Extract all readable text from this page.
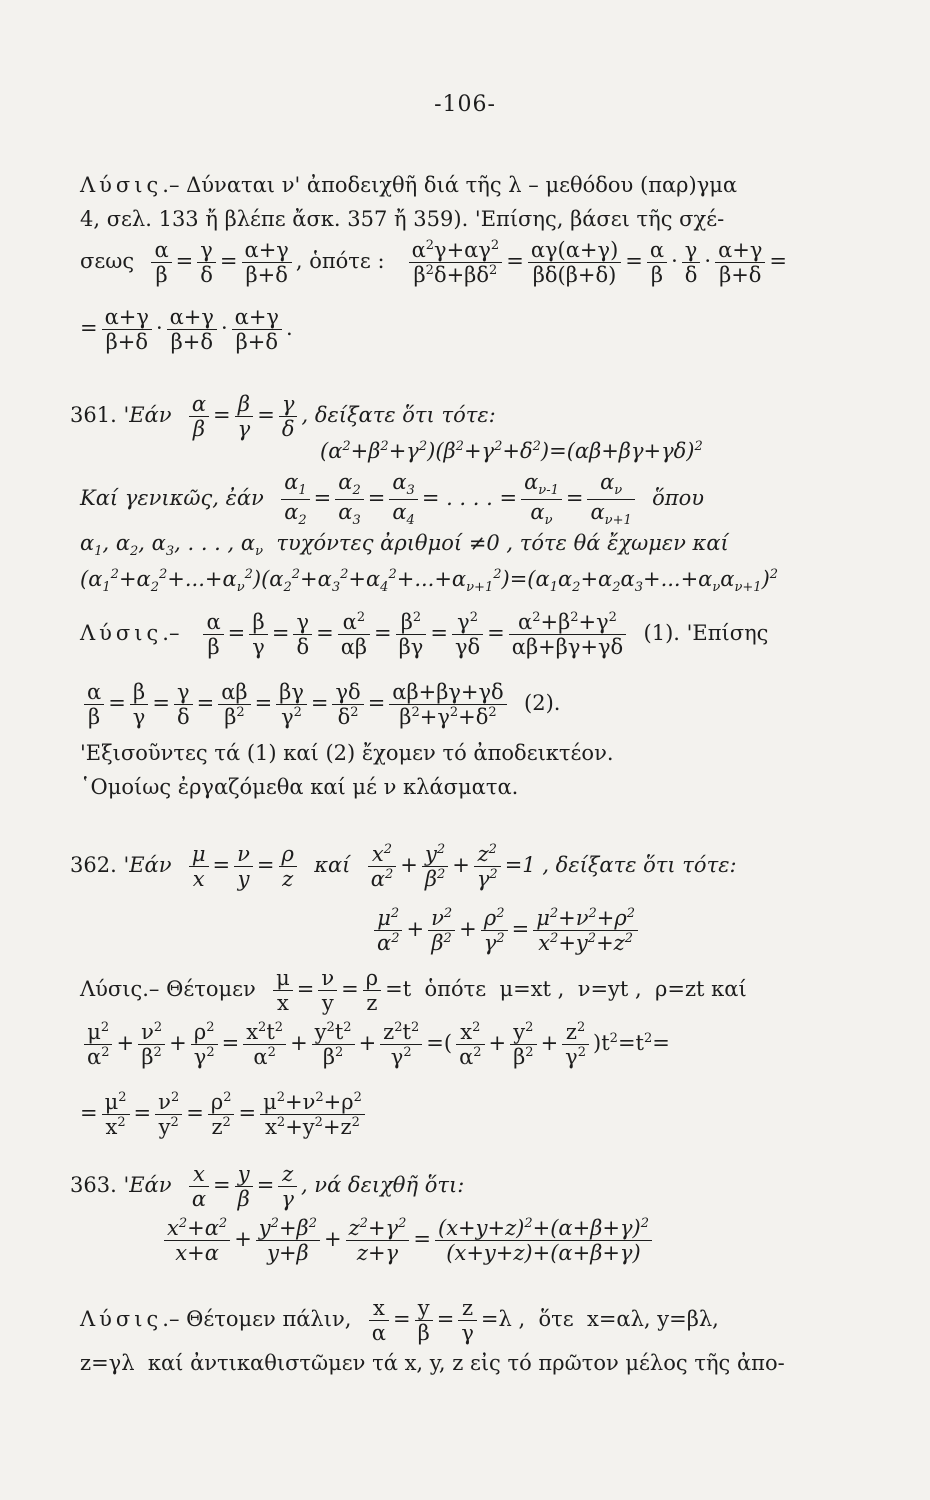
-106-
Λύσις.– Δύναται ν' ἀποδειχθῆ διά τῆς λ – μεθόδου (παρ)γμα
4, σελ. 133 ἤ βλέπε ἄσκ. 357 ἤ 359). 'Επίσης, βάσει τῆς σχέ-
σεως $\frac{\alpha}{\beta} = \frac{\gamma}{\delta} = \frac{\alpha+\gamma}{\beta+\delta}$ , ὁπότε : $\frac{\alpha^2\gamma+\alpha\gamma^2}{\beta^2\delta+\beta\delta^2} = \frac{\alpha\gamma(\alpha+\gamma)}{\beta\delta(\beta+\delta)} = \frac{\alpha}{\beta} \cdot \frac{\gamma}{\delta} \cdot \frac{\alpha+\gamma}{\beta+\delta}$ =
= $\frac{\alpha+\gamma}{\beta+\delta} \cdot \frac{\alpha+\gamma}{\beta+\delta} \cdot \frac{\alpha+\gamma}{\beta+\delta}$ .
361. '$Eά\nu \frac{\alpha}{\beta} = \frac{\beta}{\gamma} = \frac{\gamma}{\delta}$ , δείξατε ὅτι τότε:
$(\alpha^2+\beta^2+\gamma^2)(\beta^2+\gamma^2+\delta^2)=(\alpha\beta+\beta\gamma+\gamma\delta)^2$
Καί γενικῶς, ἐάν $\frac{\alpha_1}{\alpha_2} = \frac{\alpha_2}{\alpha_3} = \frac{\alpha_3}{\alpha_4}$ = . . . . = $\frac{\alpha_{\nu-1}}{\alpha_\nu} = \frac{\alpha_\nu}{\alpha_{\nu+1}}$ ὅπου
$\alpha_1$, $\alpha_2$, $\alpha_3$, . . . , $\alpha_\nu$  τυχόντες ἀριθμοί ≠0 , τότε θά ἔχωμεν καί
$(\alpha_1^2+\alpha_2^2+...+\alpha_\nu^2)(\alpha_2^2+\alpha_3^2+\alpha_4^2+...+\alpha_{\nu+1}^2)=(\alpha_1\alpha_2+\alpha_2\alpha_3+...+\alpha_\nu\alpha_{\nu+1})^2$
$\Lambda ύ\sigma\iota\varsigma.- \frac{\alpha}{\beta} = \frac{\beta}{\gamma} = \frac{\gamma}{\delta} = \frac{\alpha^2}{\alpha\beta} = \frac{\beta^2}{\beta\gamma} = \frac{\gamma^2}{\gamma\delta} = \frac{\alpha^2+\beta^2+\gamma^2}{\alpha\beta+\beta\gamma+\gamma\delta} (1)$. 'Επίσης
$\frac{\alpha}{\beta} = \frac{\beta}{\gamma} = \frac{\gamma}{\delta} = \frac{\alpha\beta}{\beta^2} = \frac{\beta\gamma}{\gamma^2} = \frac{\gamma\delta}{\delta^2} = \frac{\alpha\beta+\beta\gamma+\gamma\delta}{\beta^2+\gamma^2+\delta^2} (2)$.
'Εξισοῦντες τά (1) καί (2) ἔχομεν τό ἀποδεικτέον.
῾Ομοίως ἐργαζόμεθα καί μέ ν κλάσματα.
362. '$Eά\nu \frac{\mu}{x} = \frac{\nu}{y} = \frac{\rho}{z}$ καί $\frac{x^2}{\alpha^2} + \frac{y^2}{\beta^2} + \frac{z^2}{\gamma^2} =1$ , δείξατε ὅτι τότε:
$\frac{\mu^2}{\alpha^2} + \frac{\nu^2}{\beta^2} + \frac{\rho^2}{\gamma^2} = \frac{\mu^2+\nu^2+\rho^2}{x^2+y^2+z^2}$
Λύσις.– Θέτομεν $\frac{\mu}{x} = \frac{\nu}{y} = \frac{\rho}{z} =t$  ὁπότε  μ=xt ,  ν=yt ,  ρ=zt καί
$\frac{\mu^2}{\alpha^2} + \frac{\nu^2}{\beta^2} + \frac{\rho^2}{\gamma^2} = \frac{x^2t^2}{\alpha^2} + \frac{y^2t^2}{\beta^2} + \frac{z^2t^2}{\gamma^2}$ =( $\frac{x^2}{\alpha^2} + \frac{y^2}{\beta^2} + \frac{z^2}{\gamma^2} )t^2=t^2=$
= $\frac{\mu^2}{x^2} = \frac{\nu^2}{y^2} = \frac{\rho^2}{z^2} = \frac{\mu^2+\nu^2+\rho^2}{x^2+y^2+z^2}$
363. '$Eά\nu \frac{x}{\alpha} = \frac{y}{\beta} = \frac{z}{\gamma}$ , νά δειχθῆ ὅτι:
$\frac{x^2+\alpha^2}{x+\alpha} + \frac{y^2+\beta^2}{y+\beta} + \frac{z^2+\gamma^2}{z+\gamma} = \frac{(x+y+z)^2+(\alpha+\beta+\gamma)^2}{(x+y+z)+(\alpha+\beta+\gamma)}$
Λύσις.– Θέτομεν πάλιν, $\frac{x}{\alpha} = \frac{y}{\beta} = \frac{z}{\gamma} =\lambda$ ,  ὅτε  x=αλ, y=βλ,
z=γλ  καί ἀντικαθιστῶμεν τά x, y, z εἰς τό πρῶτον μέλος τῆς ἀπο-
